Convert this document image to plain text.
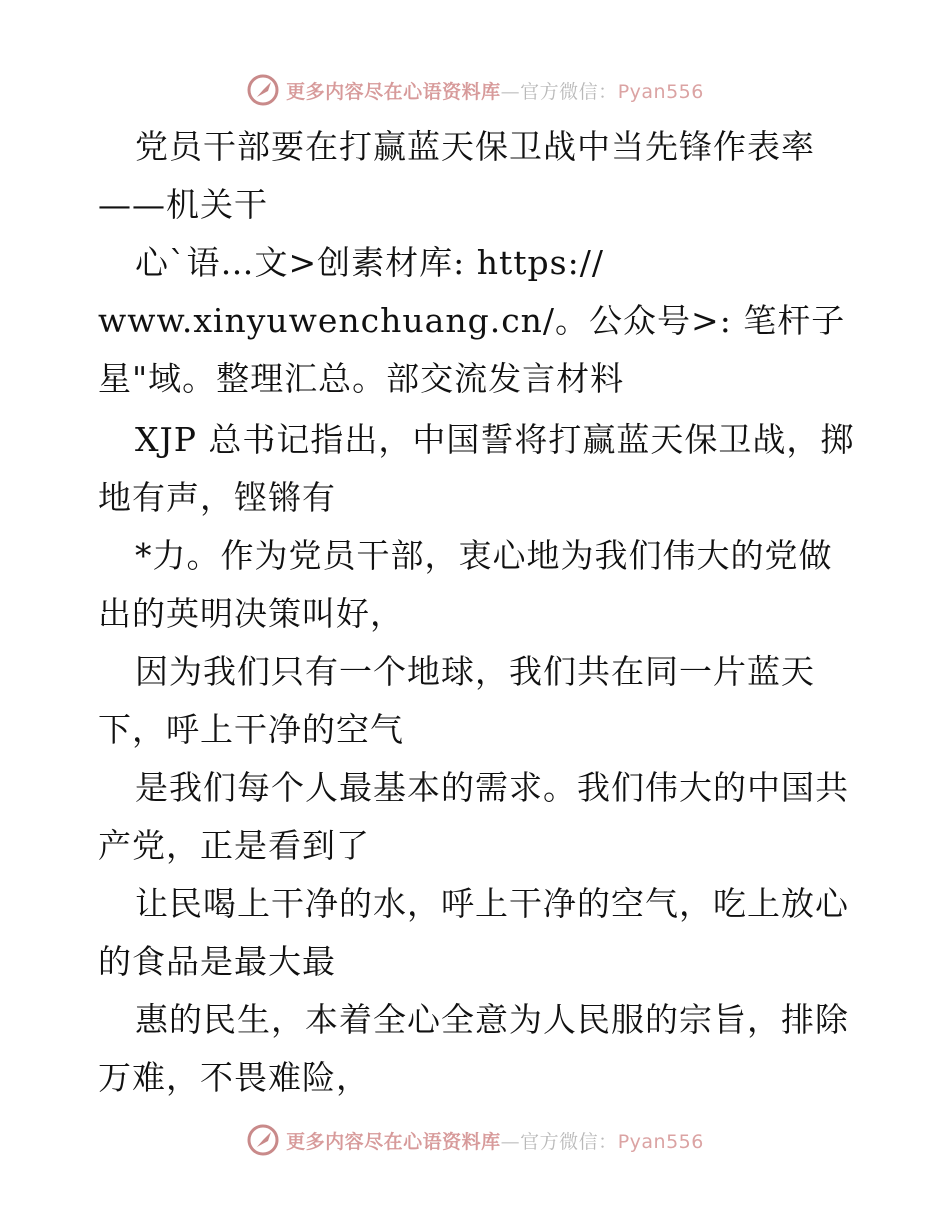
更多内容尽在心语资料库—官方微信：Pyan556
党员干部要在打赢蓝天保卫战中当先锋作表率
——机关干
心`语…文>创素材库: https://
www.xinyuwenchuang.cn/。公众号>: 笔杆子
星"域。整理汇总。部交流发言材料
XJP 总书记指出，中国誓将打赢蓝天保卫战，掷
地有声，铿锵有
*力。作为党员干部，衷心地为我们伟大的党做
出的英明决策叫好，
因为我们只有一个地球，我们共在同一片蓝天
下，呼上干净的空气
是我们每个人最基本的需求。我们伟大的中国共
产党，正是看到了
让民喝上干净的水，呼上干净的空气，吃上放心
的食品是最大最
惠的民生，本着全心全意为人民服的宗旨，排除
万难，不畏难险，
更多内容尽在心语资料库—官方微信：Pyan556
